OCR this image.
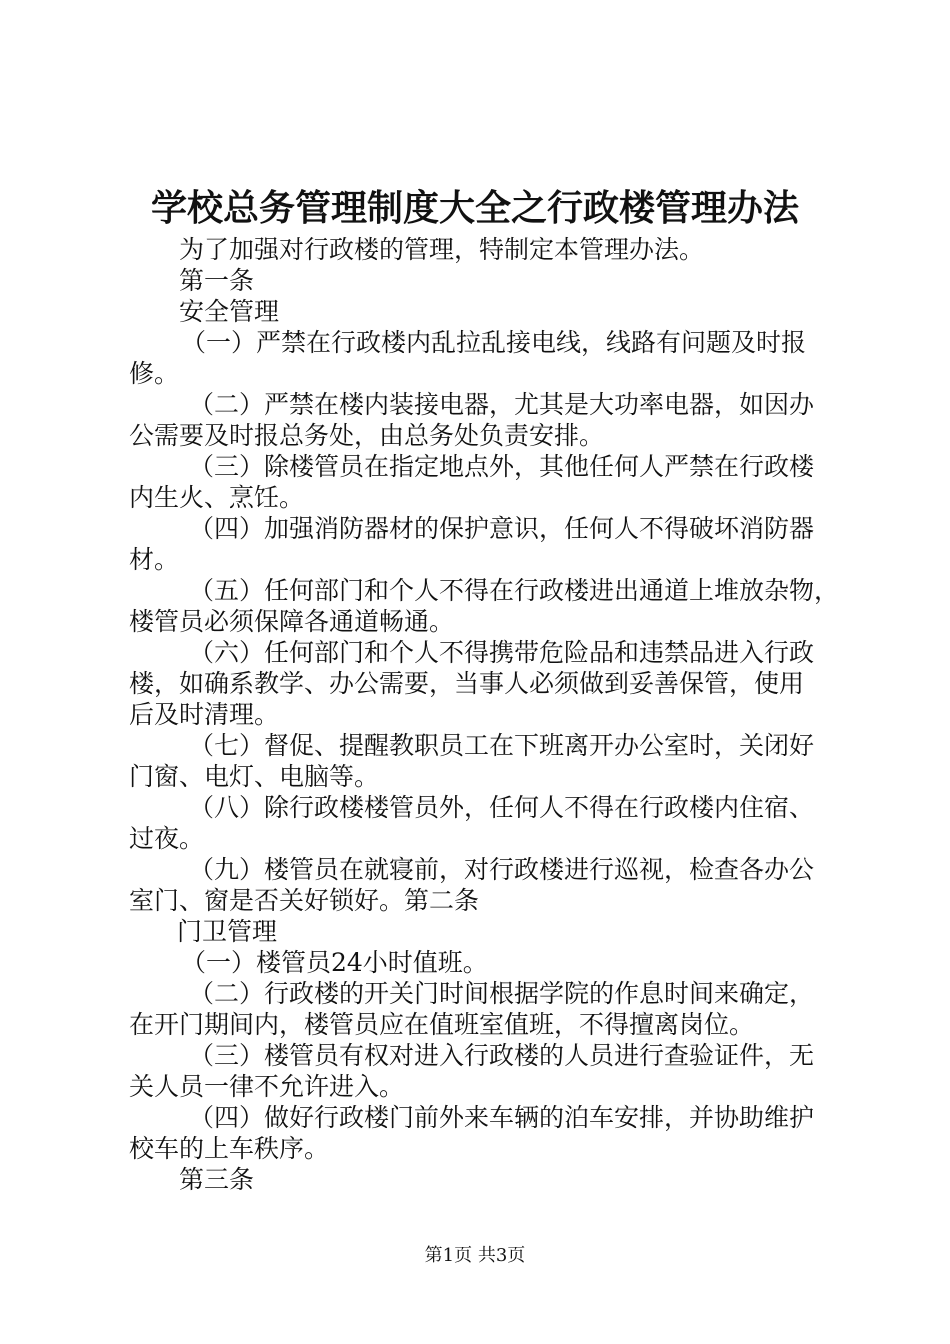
学校总务管理制度大全之行政楼管理办法
为了加强对行政楼的管理，特制定本管理办法。
第一条
安全管理
（一）严禁在行政楼内乱拉乱接电线，线路有问题及时报
修。
（二）严禁在楼内装接电器，尤其是大功率电器，如因办
公需要及时报总务处，由总务处负责安排。
（三）除楼管员在指定地点外，其他任何人严禁在行政楼
内生火、烹饪。
（四）加强消防器材的保护意识，任何人不得破坏消防器
材。
（五）任何部门和个人不得在行政楼进出通道上堆放杂物，
楼管员必须保障各通道畅通。
（六）任何部门和个人不得携带危险品和违禁品进入行政
楼，如确系教学、办公需要，当事人必须做到妥善保管，使用
后及时清理。
（七）督促、提醒教职员工在下班离开办公室时，关闭好
门窗、电灯、电脑等。
（八）除行政楼楼管员外，任何人不得在行政楼内住宿、
过夜。
（九）楼管员在就寝前，对行政楼进行巡视，检查各办公
室门、窗是否关好锁好。第二条
门卫管理
（一）楼管员24小时值班。
（二）行政楼的开关门时间根据学院的作息时间来确定，
在开门期间内，楼管员应在值班室值班，不得擅离岗位。
（三）楼管员有权对进入行政楼的人员进行查验证件，无
关人员一律不允许进入。
（四）做好行政楼门前外来车辆的泊车安排，并协助维护
校车的上车秩序。
第三条
第1页 共3页
